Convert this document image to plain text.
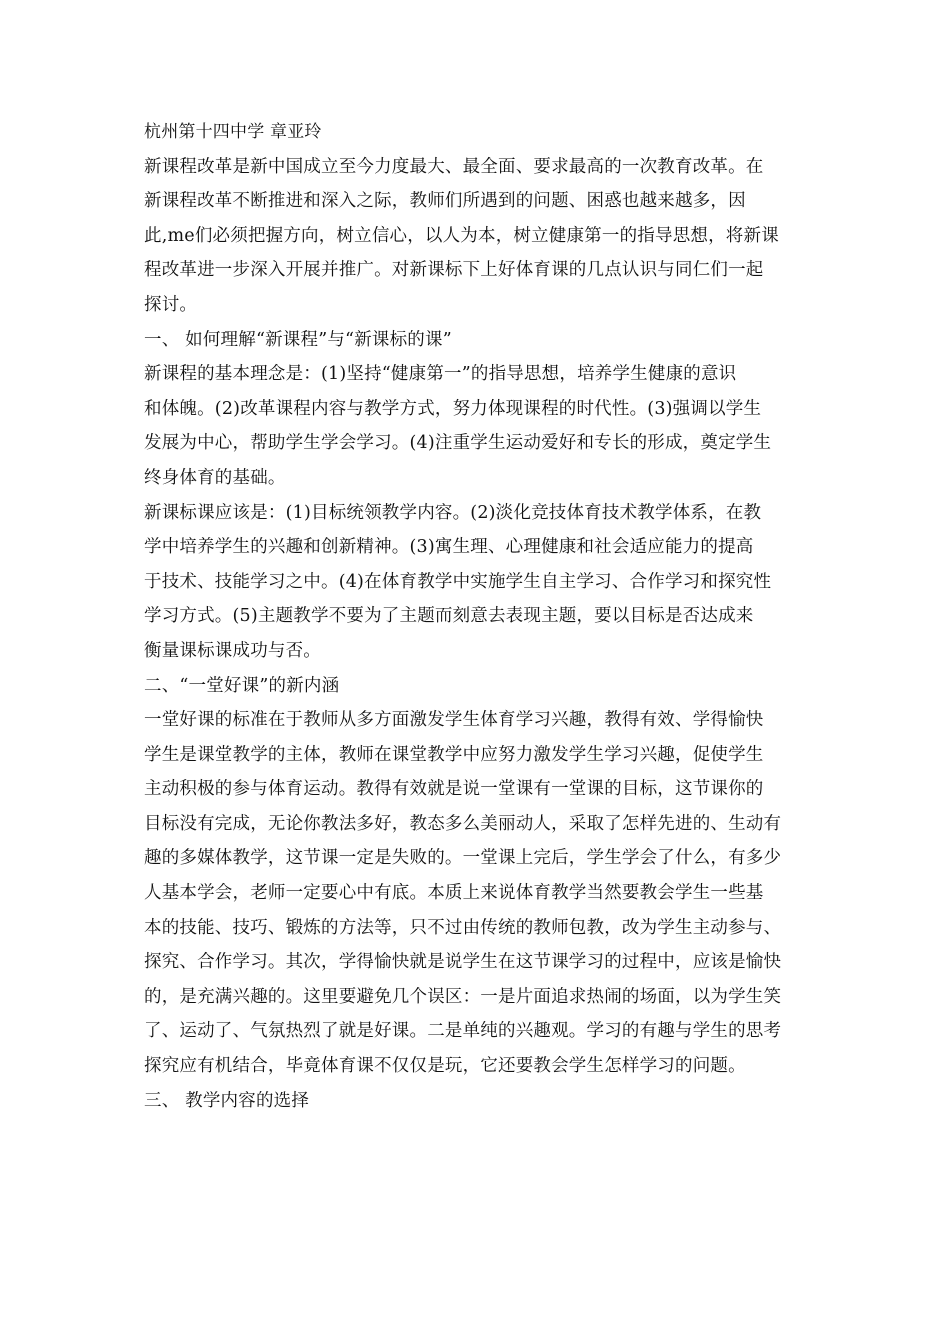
杭州第十四中学 章亚玲
新课程改革是新中国成立至今力度最大、最全面、要求最高的一次教育改革。在
新课程改革不断推进和深入之际，教师们所遇到的问题、困惑也越来越多，因
此,me们必须把握方向，树立信心，以人为本，树立健康第一的指导思想，将新课
程改革进一步深入开展并推广。对新课标下上好体育课的几点认识与同仁们一起
探讨。
一、 如何理解“新课程”与“新课标的课”
新课程的基本理念是：(1)坚持“健康第一”的指导思想，培养学生健康的意识
和体魄。(2)改革课程内容与教学方式，努力体现课程的时代性。(3)强调以学生
发展为中心，帮助学生学会学习。(4)注重学生运动爱好和专长的形成，奠定学生
终身体育的基础。
新课标课应该是：(1)目标统领教学内容。(2)淡化竞技体育技术教学体系，在教
学中培养学生的兴趣和创新精神。(3)寓生理、心理健康和社会适应能力的提高
于技术、技能学习之中。(4)在体育教学中实施学生自主学习、合作学习和探究性
学习方式。(5)主题教学不要为了主题而刻意去表现主题，要以目标是否达成来
衡量课标课成功与否。
二、“一堂好课”的新内涵
一堂好课的标准在于教师从多方面激发学生体育学习兴趣，教得有效、学得愉快
学生是课堂教学的主体，教师在课堂教学中应努力激发学生学习兴趣，促使学生
主动积极的参与体育运动。教得有效就是说一堂课有一堂课的目标，这节课你的
目标没有完成，无论你教法多好，教态多么美丽动人，采取了怎样先进的、生动有
趣的多媒体教学，这节课一定是失败的。一堂课上完后，学生学会了什么，有多少
人基本学会，老师一定要心中有底。本质上来说体育教学当然要教会学生一些基
本的技能、技巧、锻炼的方法等，只不过由传统的教师包教，改为学生主动参与、
探究、合作学习。其次，学得愉快就是说学生在这节课学习的过程中，应该是愉快
的，是充满兴趣的。这里要避免几个误区：一是片面追求热闹的场面，以为学生笑
了、运动了、气氛热烈了就是好课。二是单纯的兴趣观。学习的有趣与学生的思考
探究应有机结合，毕竟体育课不仅仅是玩，它还要教会学生怎样学习的问题。
三、 教学内容的选择
